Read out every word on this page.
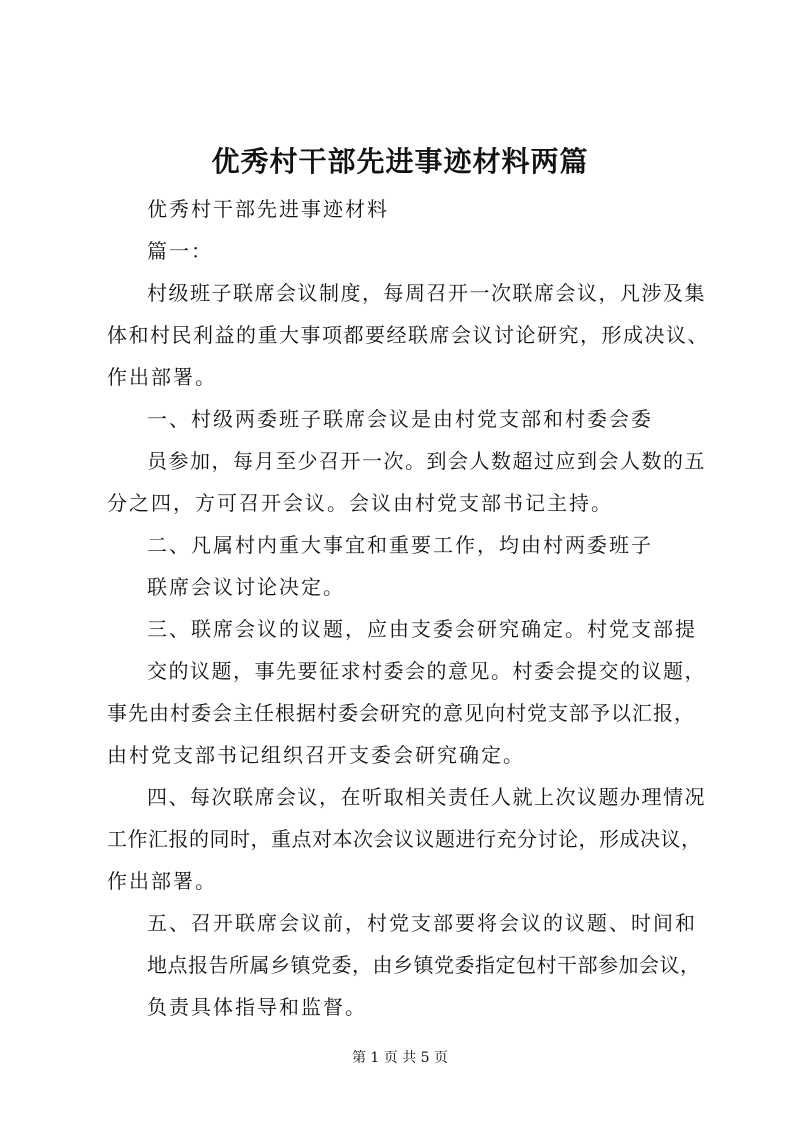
优秀村干部先进事迹材料两篇
优秀村干部先进事迹材料
篇一：
村级班子联席会议制度，每周召开一次联席会议，凡涉及集
体和村民利益的重大事项都要经联席会议讨论研究，形成决议、
作出部署。
一、村级两委班子联席会议是由村党支部和村委会委
员参加，每月至少召开一次。到会人数超过应到会人数的五
分之四，方可召开会议。会议由村党支部书记主持。
二、凡属村内重大事宜和重要工作，均由村两委班子
联席会议讨论决定。
三、联席会议的议题，应由支委会研究确定。村党支部提
交的议题，事先要征求村委会的意见。村委会提交的议题，
事先由村委会主任根据村委会研究的意见向村党支部予以汇报，
由村党支部书记组织召开支委会研究确定。
四、每次联席会议，在听取相关责任人就上次议题办理情况
工作汇报的同时，重点对本次会议议题进行充分讨论，形成决议，
作出部署。
五、召开联席会议前，村党支部要将会议的议题、时间和
地点报告所属乡镇党委，由乡镇党委指定包村干部参加会议，
负责具体指导和监督。
第 1 页 共 5 页
